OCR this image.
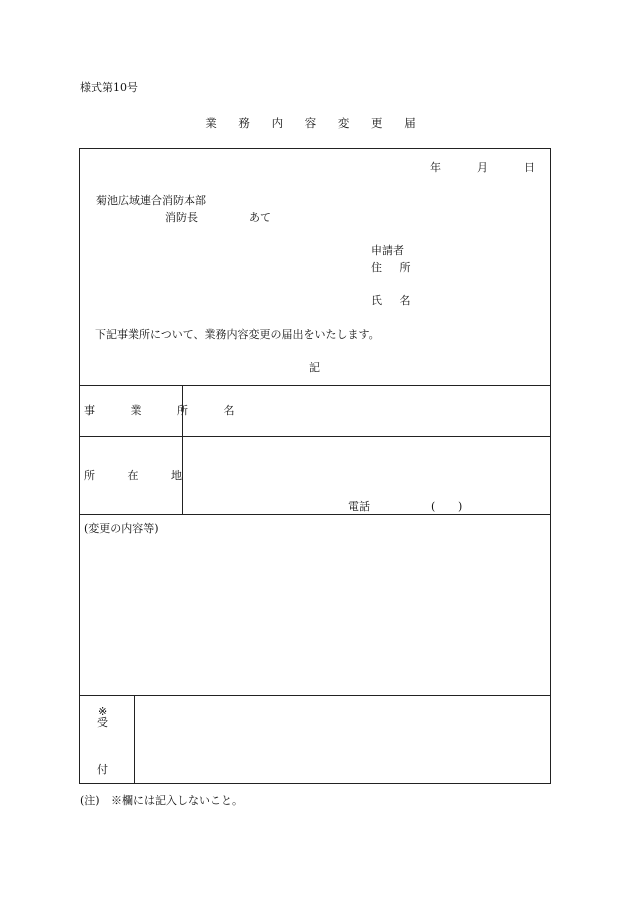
様式第10号
業 務 内 容 変 更 届
年	月	日
菊池広域連合消防本部
消防長	あて
申請者
住 所
氏 名
下記事業所について、業務内容変更の届出をいたします。
記
事 業 所 名
所	在	地
電話	( )
(変更の内容等)
※
受
付
(注) ※欄には記入しないこと。
